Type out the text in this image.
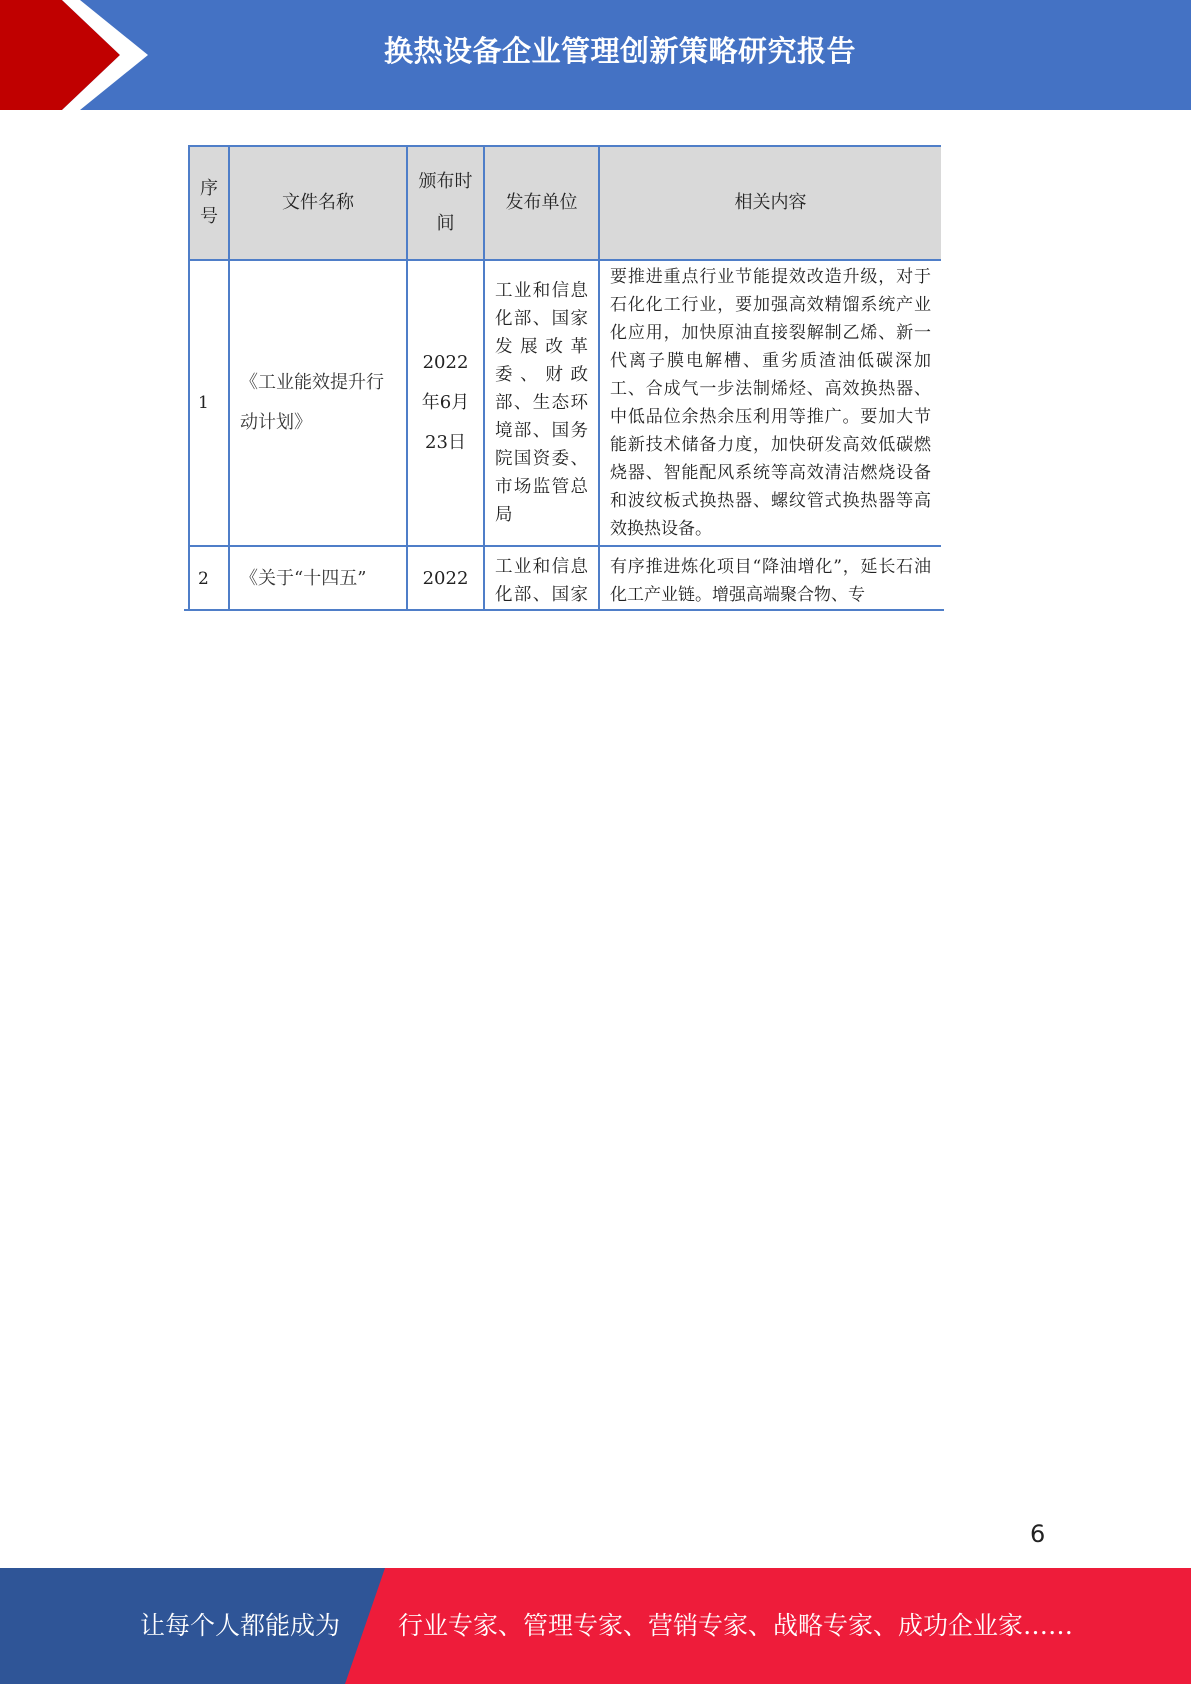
换热设备企业管理创新策略研究报告
序号	文件名称	颁布时间	发布单位	相关内容
1	《工业能效提升行动计划》	2022年6月23日	工业和信息化部、国家发展改革委、财政部、生态环境部、国务院国资委、市场监管总局	要推进重点行业节能提效改造升级，对于石化化工行业，要加强高效精馏系统产业化应用，加快原油直接裂解制乙烯、新一代离子膜电解槽、重劣质渣油低碳深加工、合成气一步法制烯烃、高效换热器、中低品位余热余压利用等推广。要加大节能新技术储备力度，加快研发高效低碳燃烧器、智能配风系统等高效清洁燃烧设备和波纹板式换热器、螺纹管式换热器等高效换热设备。
2	《关于“十四五”	2022	工业和信息化部、国家	有序推进炼化项目“降油增化”，延长石油化工产业链。增强高端聚合物、专
6
让每个人都能成为 行业专家、管理专家、营销专家、战略专家、成功企业家……
